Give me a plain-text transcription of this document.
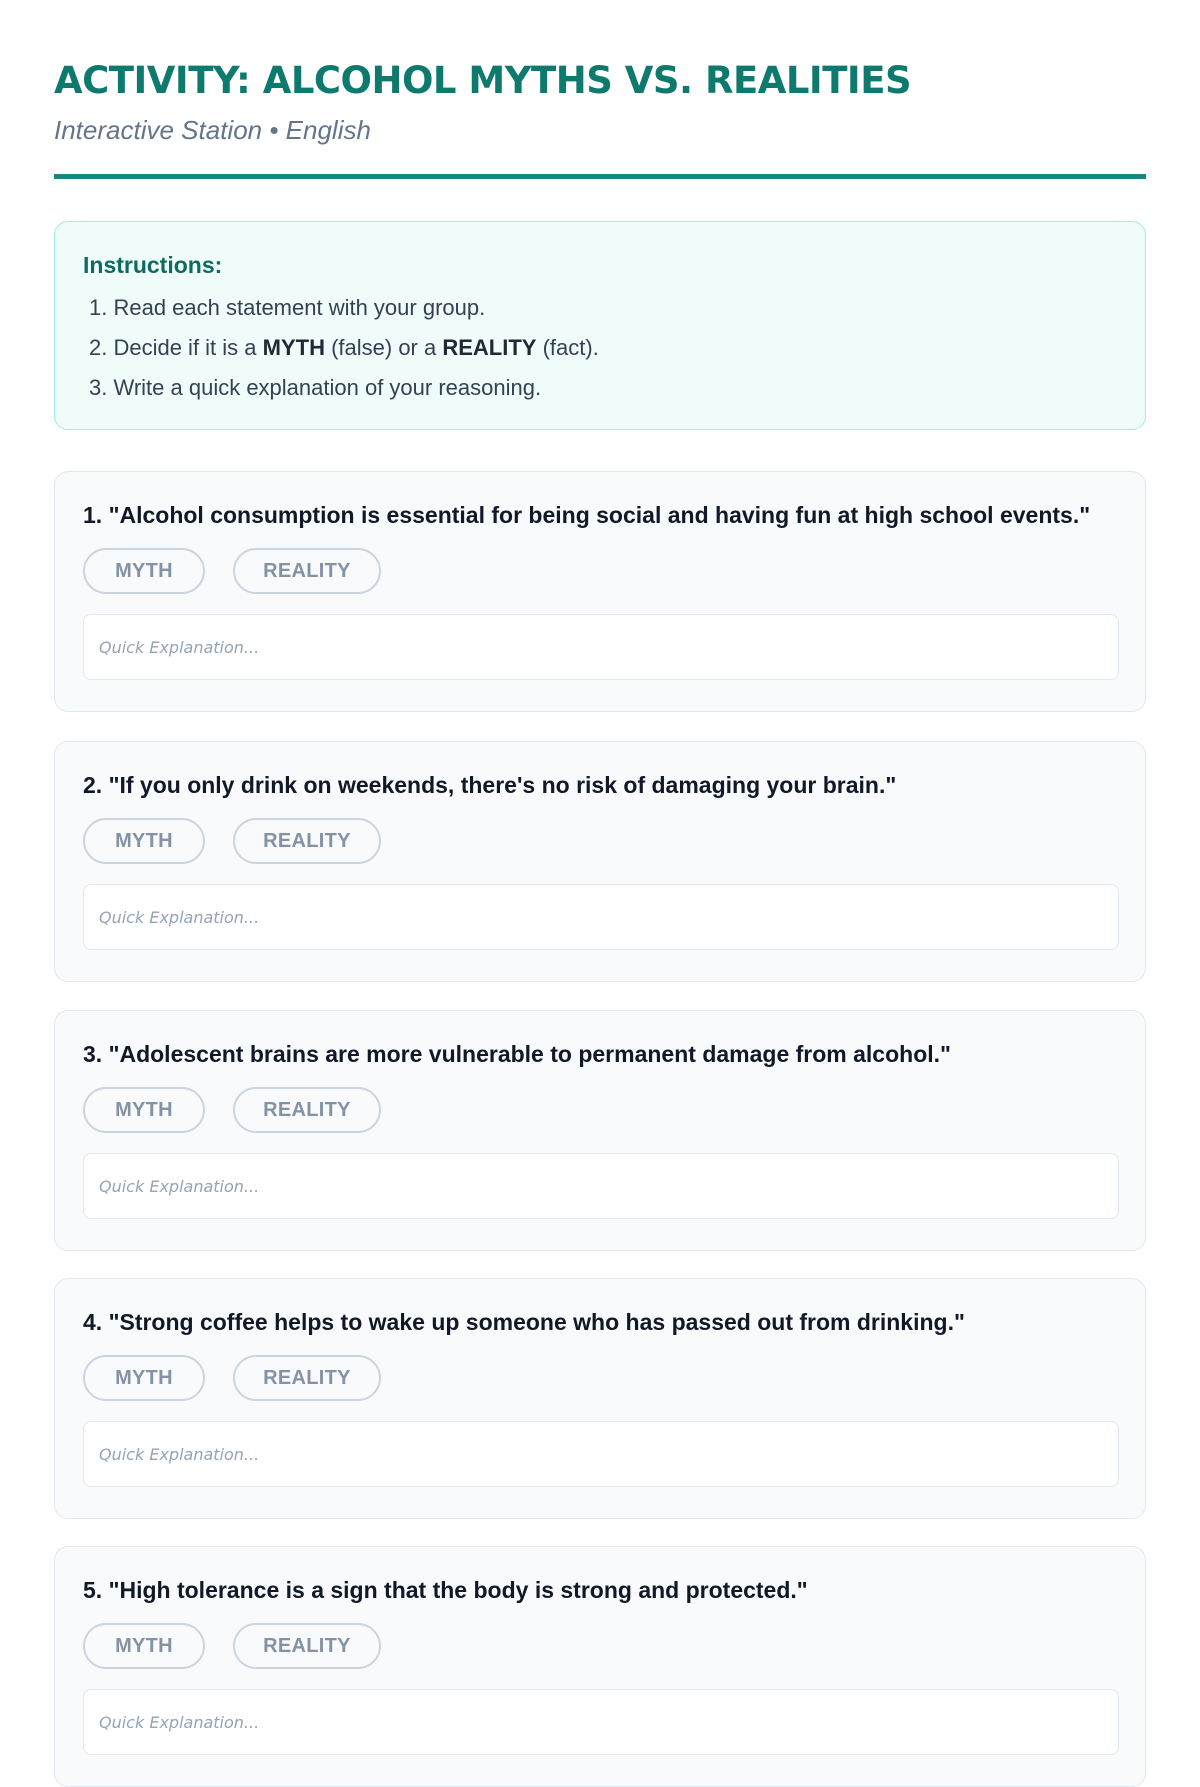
ACTIVITY: ALCOHOL MYTHS VS. REALITIES
Interactive Station • English
Instructions:
1. Read each statement with your group.
2. Decide if it is a MYTH (false) or a REALITY (fact).
3. Write a quick explanation of your reasoning.
1. "Alcohol consumption is essential for being social and having fun at high school events."
MYTH	REALITY
Quick Explanation...
2. "If you only drink on weekends, there's no risk of damaging your brain."
MYTH	REALITY
Quick Explanation...
3. "Adolescent brains are more vulnerable to permanent damage from alcohol."
MYTH	REALITY
Quick Explanation...
4. "Strong coffee helps to wake up someone who has passed out from drinking."
MYTH	REALITY
Quick Explanation...
5. "High tolerance is a sign that the body is strong and protected."
MYTH	REALITY
Quick Explanation...
